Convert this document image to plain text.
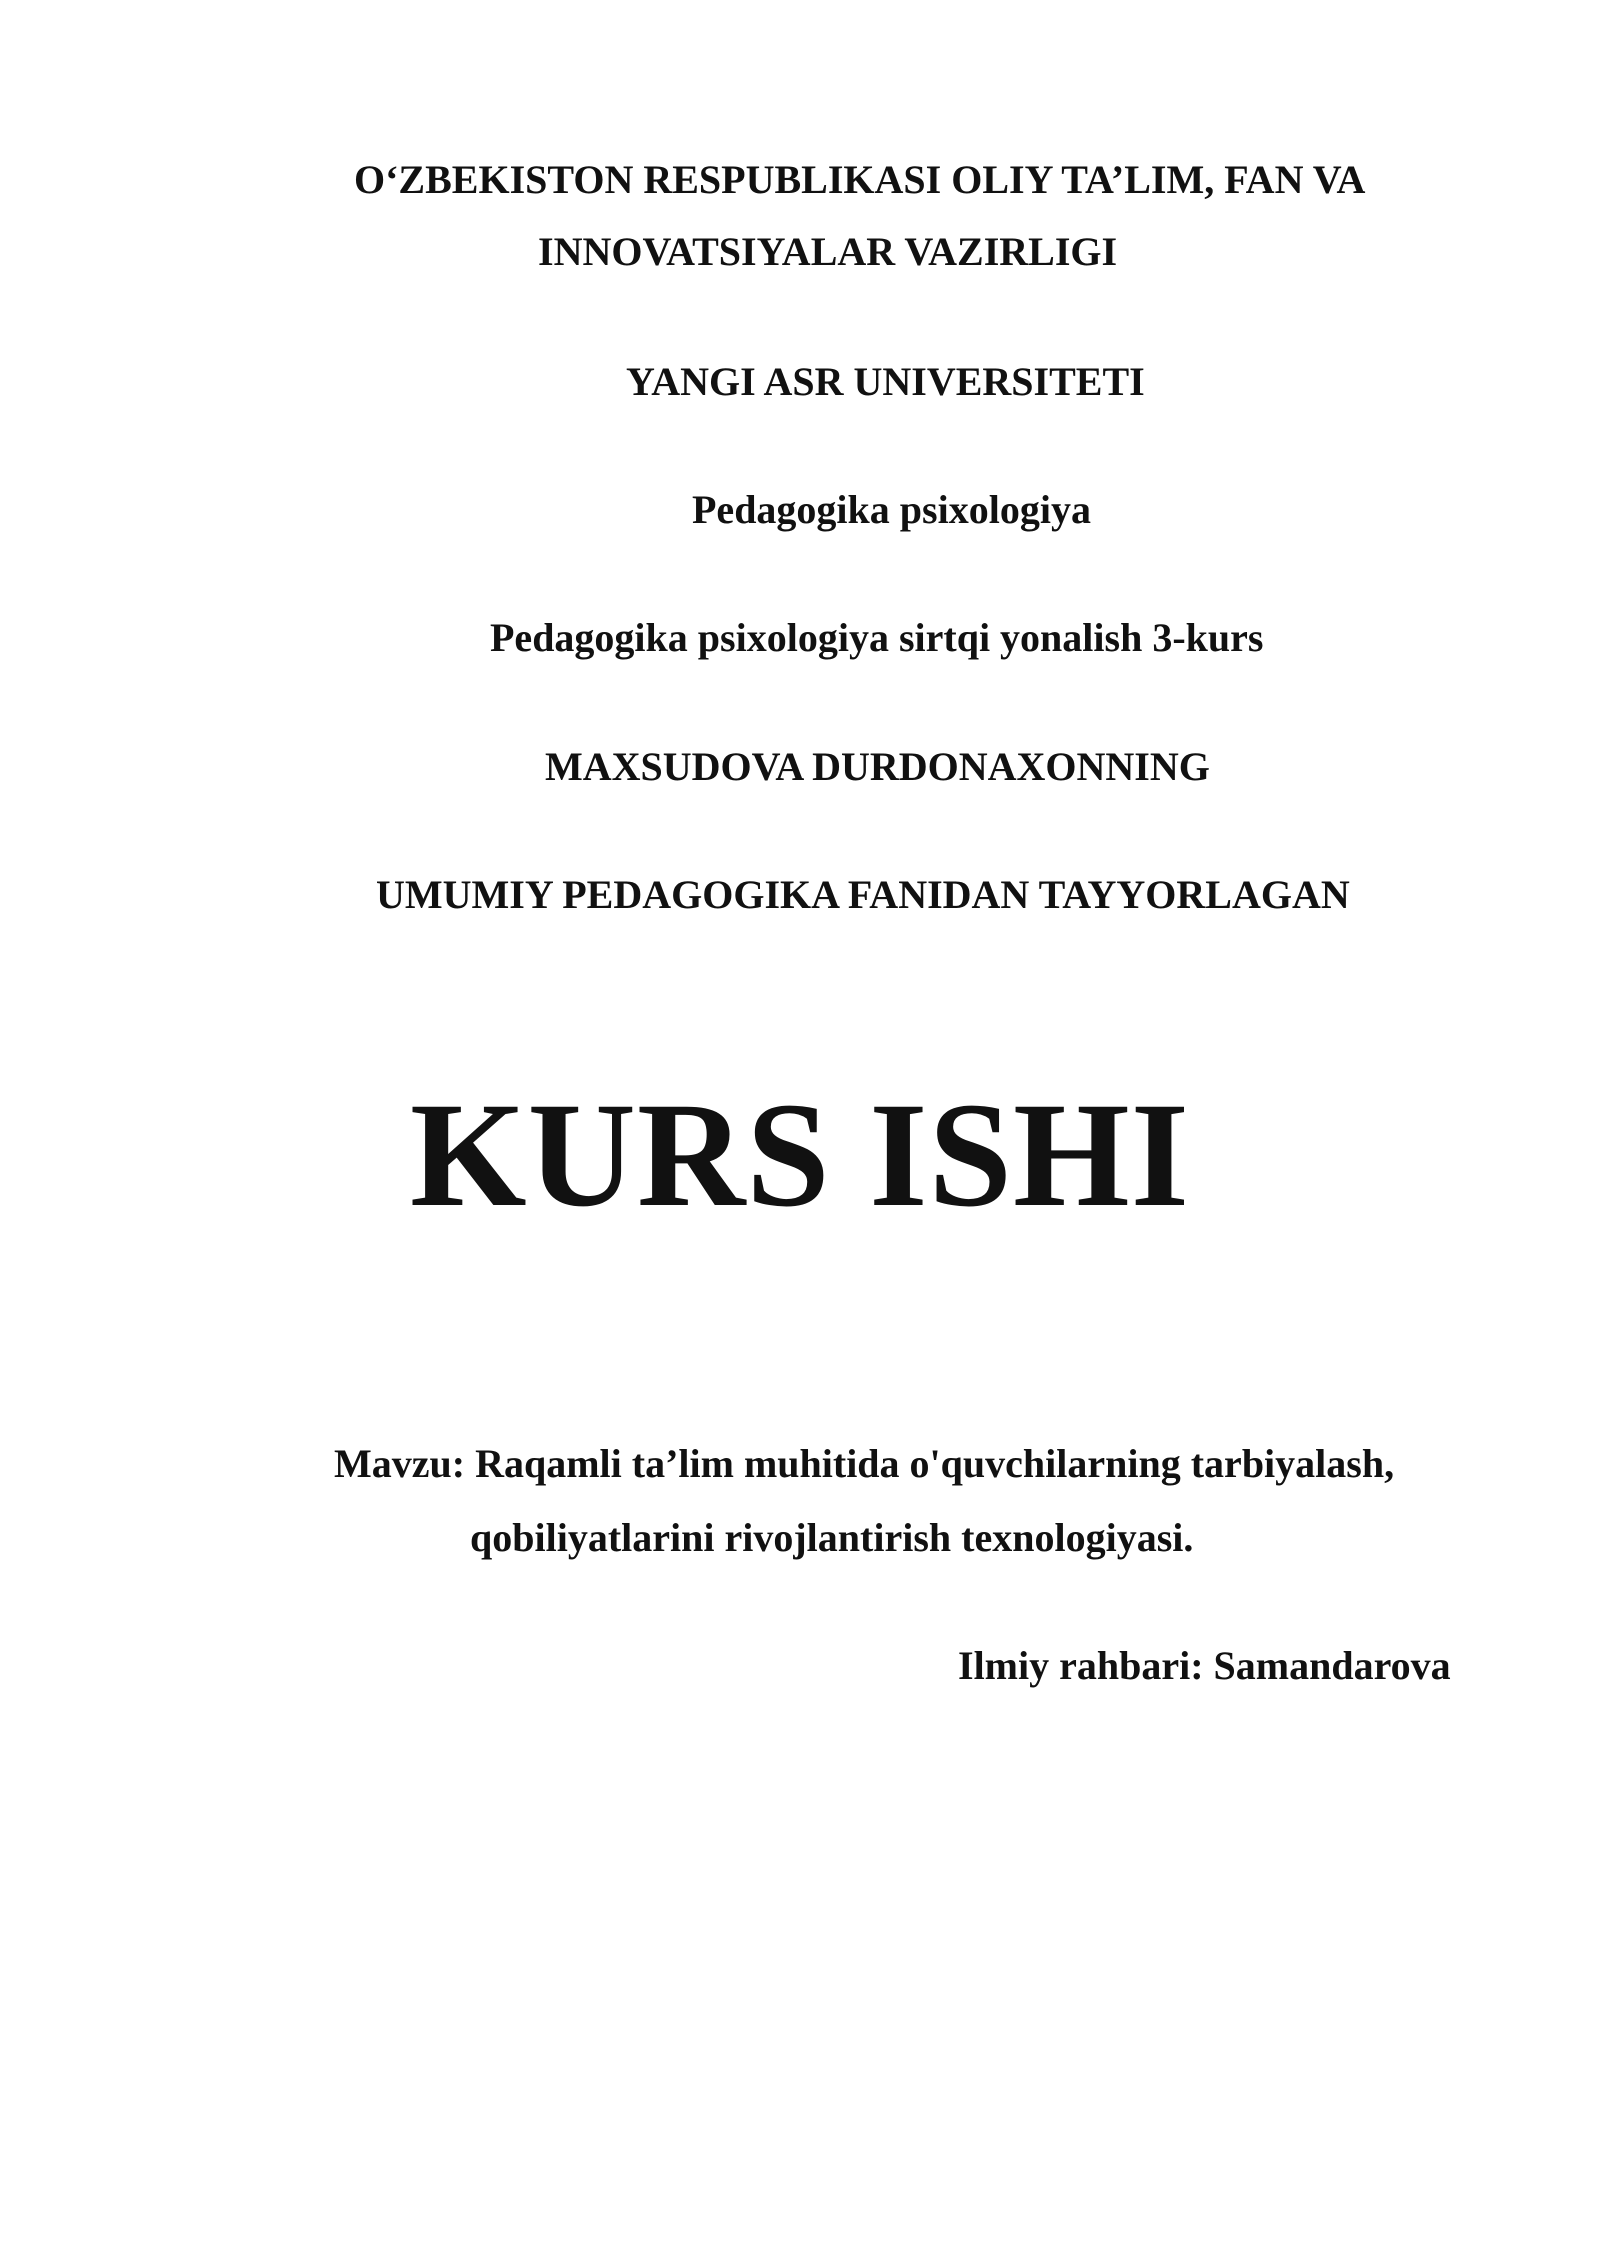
O‘ZBEKISTON RESPUBLIKASI OLIY TA’LIM, FAN VA

INNOVATSIYALAR VAZIRLIGI

YANGI ASR UNIVERSITETI

Pedagogika psixologiya

Pedagogika psixologiya sirtqi yonalish 3-kurs

MAXSUDOVA DURDONAXONNING

UMUMIY PEDAGOGIKA FANIDAN TAYYORLAGAN

KURS ISHI

Mavzu: Raqamli ta’lim muhitida o'quvchilarning tarbiyalash,

qobiliyatlarini rivojlantirish texnologiyasi.

Ilmiy rahbari: Samandarova
